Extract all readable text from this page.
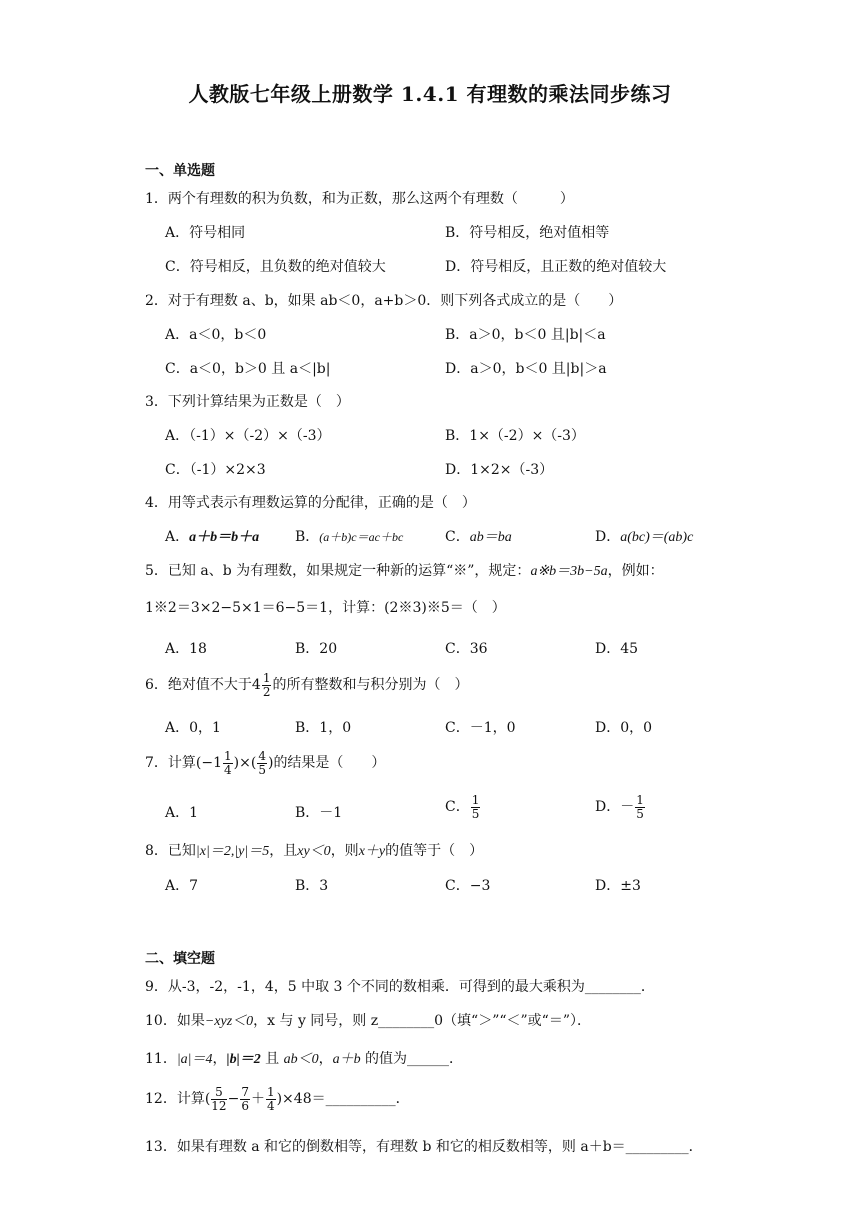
人教版七年级上册数学 1.4.1 有理数的乘法同步练习
一、单选题
1．两个有理数的积为负数，和为正数，那么这两个有理数（　　　）
A．符号相同	B．符号相反，绝对值相等
C．符号相反，且负数的绝对值较大	D．符号相反，且正数的绝对值较大
2．对于有理数 a、b，如果 ab＜0，a+b＞0．则下列各式成立的是（　　）
A．a＜0，b＜0	B．a＞0，b＜0 且|b|＜a
C．a＜0，b＞0 且 a＜|b|	D．a＞0，b＜0 且|b|＞a
3．下列计算结果为正数是（　）
A．（-1）×（-2）×（-3）	B．1×（-2）×（-3）
C．（-1）×2×3	D．1×2×（-3）
4．用等式表示有理数运算的分配律，正确的是（　）
A．a＋b＝b＋a	B．(a＋b)c＝ac＋bc	C．ab＝ba	D．a(bc)＝(ab)c
5．已知 a、b 为有理数，如果规定一种新的运算“※”，规定：a※b＝3b−5a，例如：
1※2＝3×2−5×1＝6−5＝1，计算：(2※3)※5＝（　）
A．18	B．20	C．36	D．45
6．绝对值不大于$4 \frac{1}{2}$ 的所有整数和与积分别为（　）
A．0，1	B．1，0	C．－1，0	D．0，0
7．计算($-1 \frac{1}{4}$ )×( $\frac{4}{5}$ )的结果是（　　）
A．1	B．－1	C． $\frac{1}{5}$	D．－ $\frac{1}{5}$
8．已知|x|＝2,|y|＝5，且xy＜0，则x＋y的值等于（　）
A．7	B．3	C．−3	D．±3
二、填空题
9．从-3，-2，-1，4，5 中取 3 个不同的数相乘．可得到的最大乘积为________．
10．如果−xyz＜0，x 与 y 同号，则 z________0（填“＞”“＜”或“＝”）．
11．|a|＝4，|b|＝2 且 ab＜0，a＋b 的值为______．
12．计算( $\frac{5}{12} - \frac{7}{6} + \frac{1}{4}$ )×48＝__________．
13．如果有理数 a 和它的倒数相等，有理数 b 和它的相反数相等，则 a＋b＝_________．
